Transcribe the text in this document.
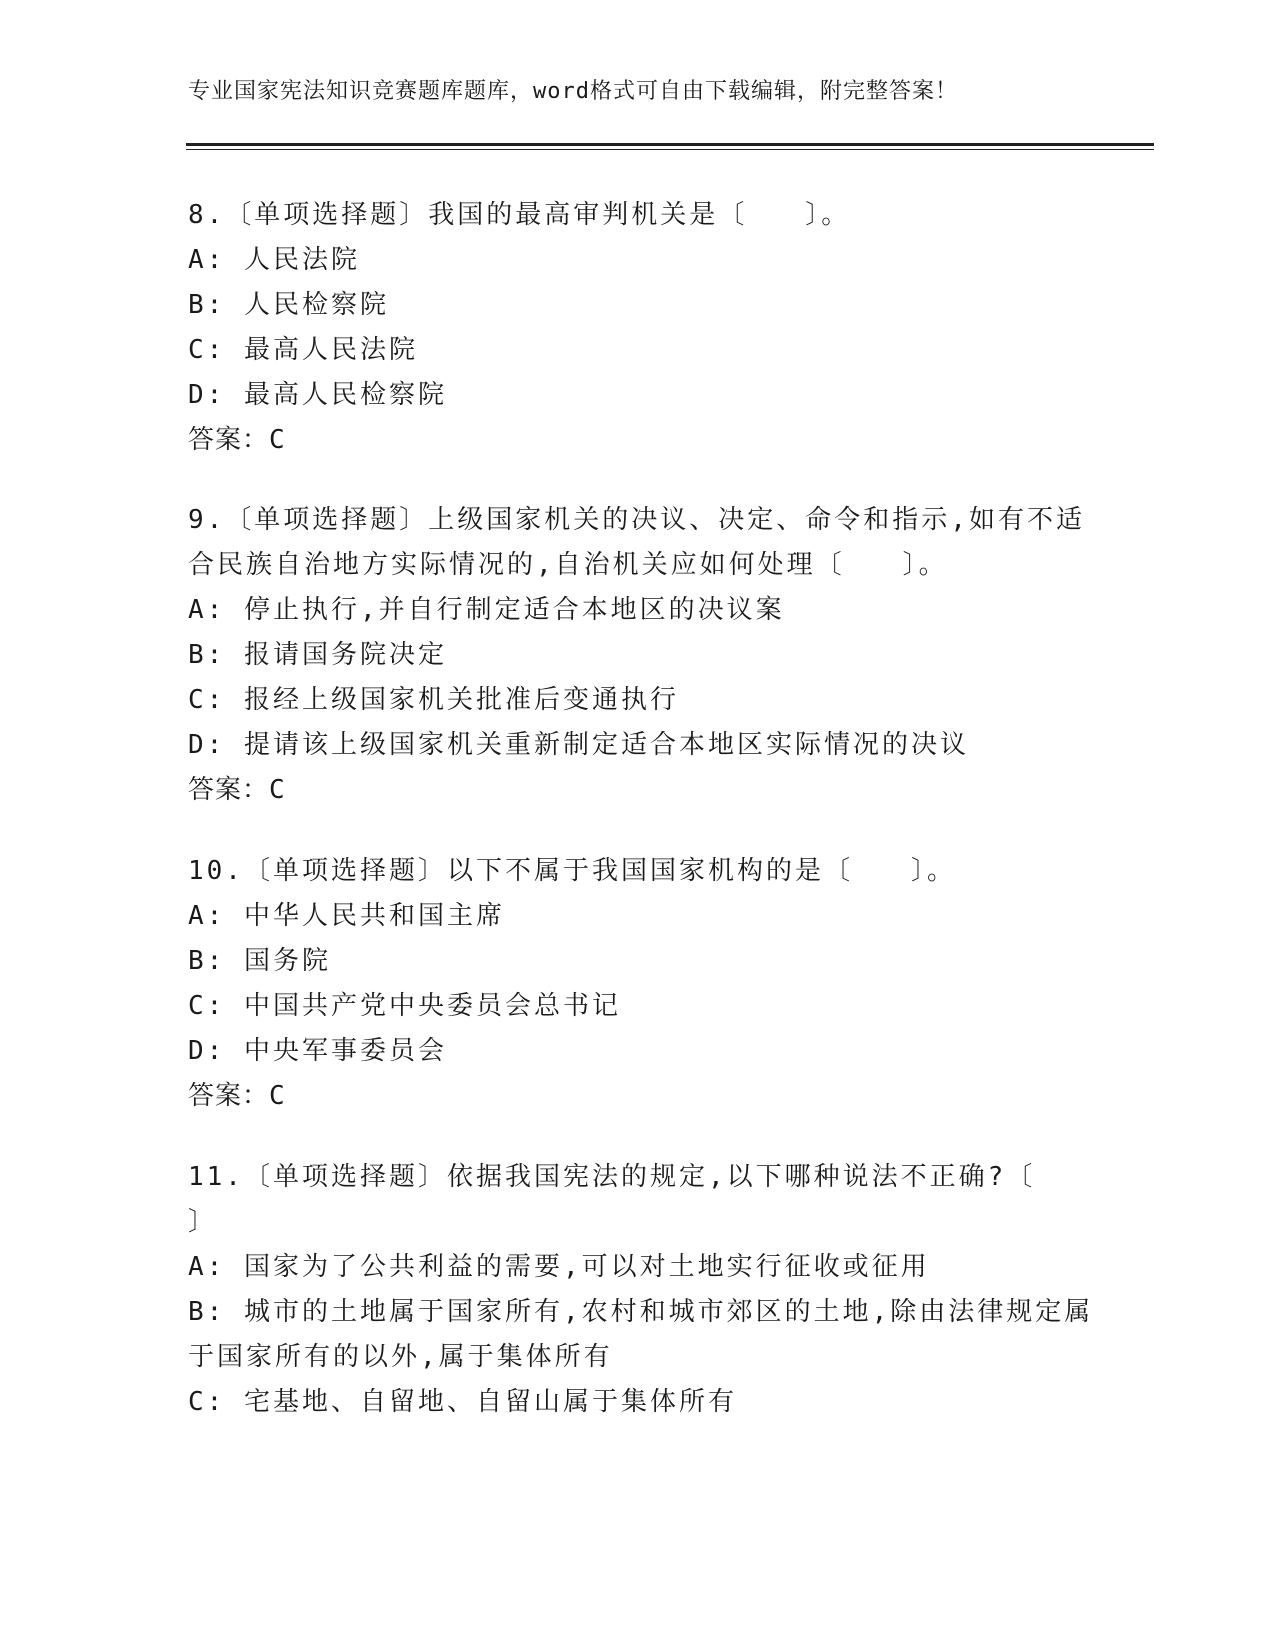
专业国家宪法知识竞赛题库题库，word格式可自由下载编辑，附完整答案！
8.〔单项选择题〕我国的最高审判机关是〔　　〕。
A: 人民法院
B: 人民检察院
C: 最高人民法院
D: 最高人民检察院
答案：C
9.〔单项选择题〕上级国家机关的决议、决定、命令和指示,如有不适
合民族自治地方实际情况的,自治机关应如何处理〔　　〕。
A: 停止执行,并自行制定适合本地区的决议案
B: 报请国务院决定
C: 报经上级国家机关批准后变通执行
D: 提请该上级国家机关重新制定适合本地区实际情况的决议
答案：C
10.〔单项选择题〕以下不属于我国国家机构的是〔　　〕。
A: 中华人民共和国主席
B: 国务院
C: 中国共产党中央委员会总书记
D: 中央军事委员会
答案：C
11.〔单项选择题〕依据我国宪法的规定,以下哪种说法不正确?〔
〕
A: 国家为了公共利益的需要,可以对土地实行征收或征用
B: 城市的土地属于国家所有,农村和城市郊区的土地,除由法律规定属
于国家所有的以外,属于集体所有
C: 宅基地、自留地、自留山属于集体所有
